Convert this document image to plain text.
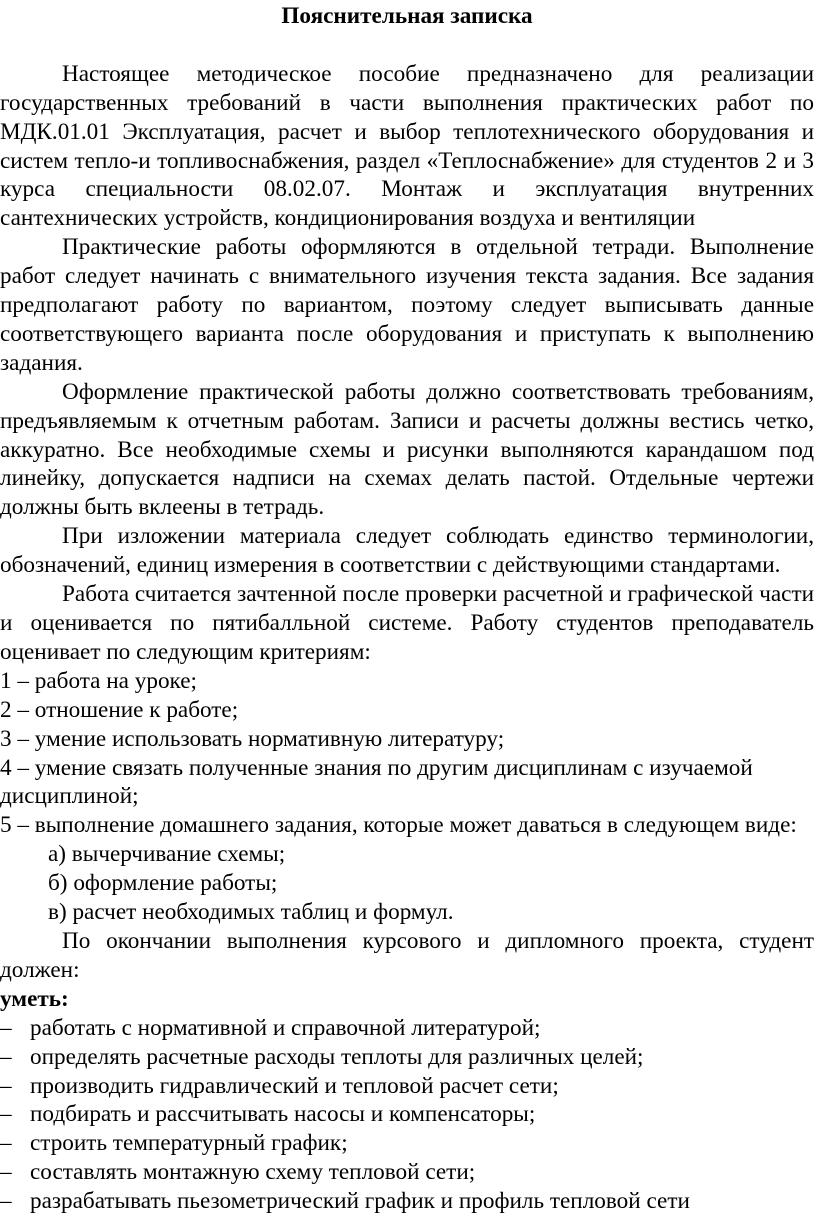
Пояснительная записка

Настоящее методическое пособие предназначено для реализации государственных требований в части выполнения практических работ по МДК.01.01 Эксплуатация, расчет и выбор теплотехнического оборудования и систем тепло-и топливоснабжения, раздел «Теплоснабжение» для студентов 2 и 3 курса специальности 08.02.07. Монтаж и эксплуатация внутренних сантехнических устройств, кондиционирования воздуха и вентиляции

Практические работы оформляются в отдельной тетради. Выполнение работ следует начинать с внимательного изучения текста задания. Все задания предполагают работу по вариантом, поэтому следует выписывать данные соответствующего варианта после оборудования и приступать к выполнению задания.

Оформление практической работы должно соответствовать требованиям, предъявляемым к отчетным работам. Записи и расчеты должны вестись четко, аккуратно. Все необходимые схемы и рисунки выполняются карандашом под линейку, допускается надписи на схемах делать пастой. Отдельные чертежи должны быть вклеены в тетрадь.

При изложении материала следует соблюдать единство терминологии, обозначений, единиц измерения в соответствии с действующими стандартами.

Работа считается зачтенной после проверки расчетной и графической части и оценивается по пятибалльной системе. Работу студентов преподаватель оценивает по следующим критериям:

1 – работа на уроке;

2 – отношение к работе;

3 – умение использовать нормативную литературу;

4 – умение связать полученные знания по другим дисциплинам с изучаемой дисциплиной;

5 – выполнение домашнего задания, которые может даваться в следующем виде:

а) вычерчивание схемы;

б) оформление работы;

в) расчет необходимых таблиц и формул.

По окончании выполнения курсового и дипломного проекта, студент должен:

уметь:

– работать с нормативной и справочной литературой;
– определять расчетные расходы теплоты для различных целей;
– производить гидравлический и тепловой расчет сети;
– подбирать и рассчитывать насосы и компенсаторы;
– строить температурный график;
– составлять монтажную схему тепловой сети;
– разрабатывать пьезометрический график и профиль тепловой сети
